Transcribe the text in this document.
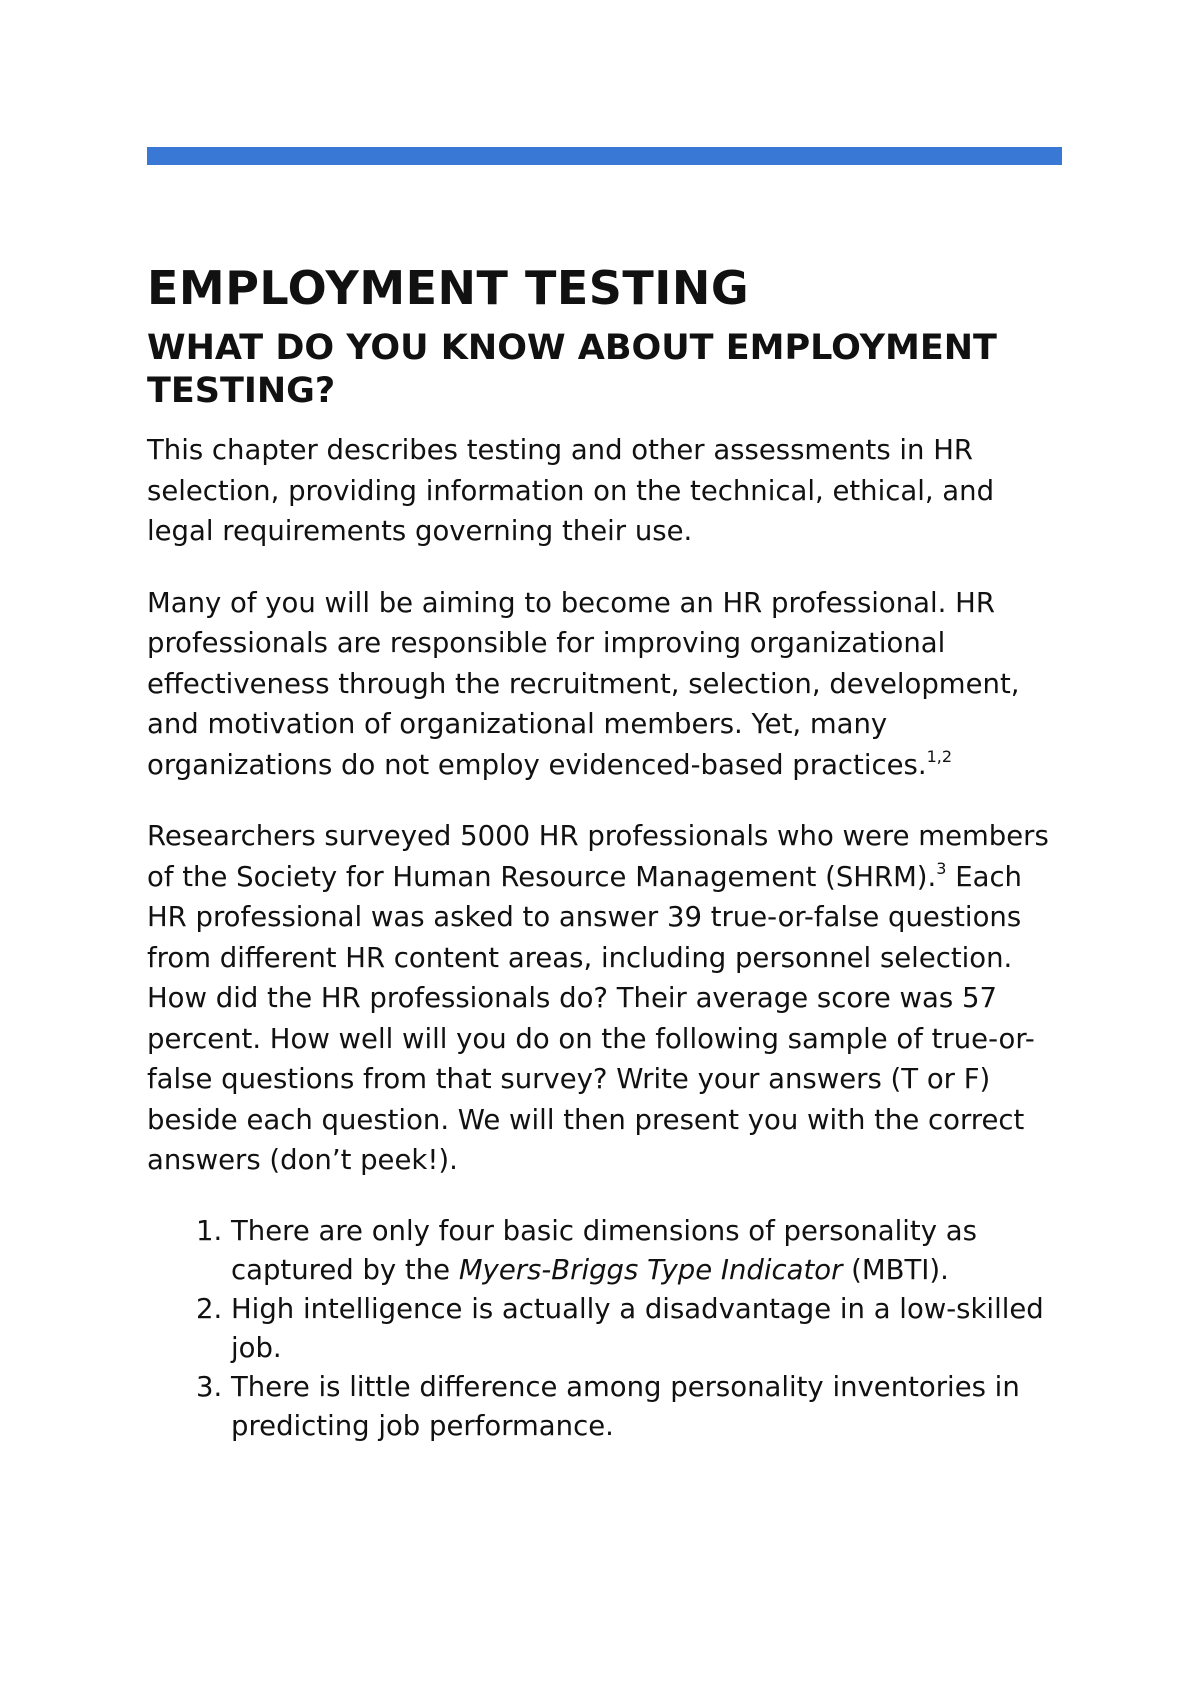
EMPLOYMENT TESTING
WHAT DO YOU KNOW ABOUT EMPLOYMENT TESTING?

This chapter describes testing and other assessments in HR selection, providing information on the technical, ethical, and legal requirements governing their use.

Many of you will be aiming to become an HR professional. HR professionals are responsible for improving organizational effectiveness through the recruitment, selection, development, and motivation of organizational members. Yet, many organizations do not employ evidenced-based practices.$^{1,2}$

Researchers surveyed 5000 HR professionals who were members of the Society for Human Resource Management (SHRM).$^3$ Each HR professional was asked to answer 39 true-or-false questions from different HR content areas, including personnel selection. How did the HR professionals do? Their average score was 57 percent. How well will you do on the following sample of true-or-false questions from that survey? Write your answers (T or F) beside each question. We will then present you with the correct answers (don’t peek!).

1. There are only four basic dimensions of personality as captured by the Myers-Briggs Type Indicator (MBTI).
2. High intelligence is actually a disadvantage in a low-skilled job.
3. There is little difference among personality inventories in predicting job performance.
